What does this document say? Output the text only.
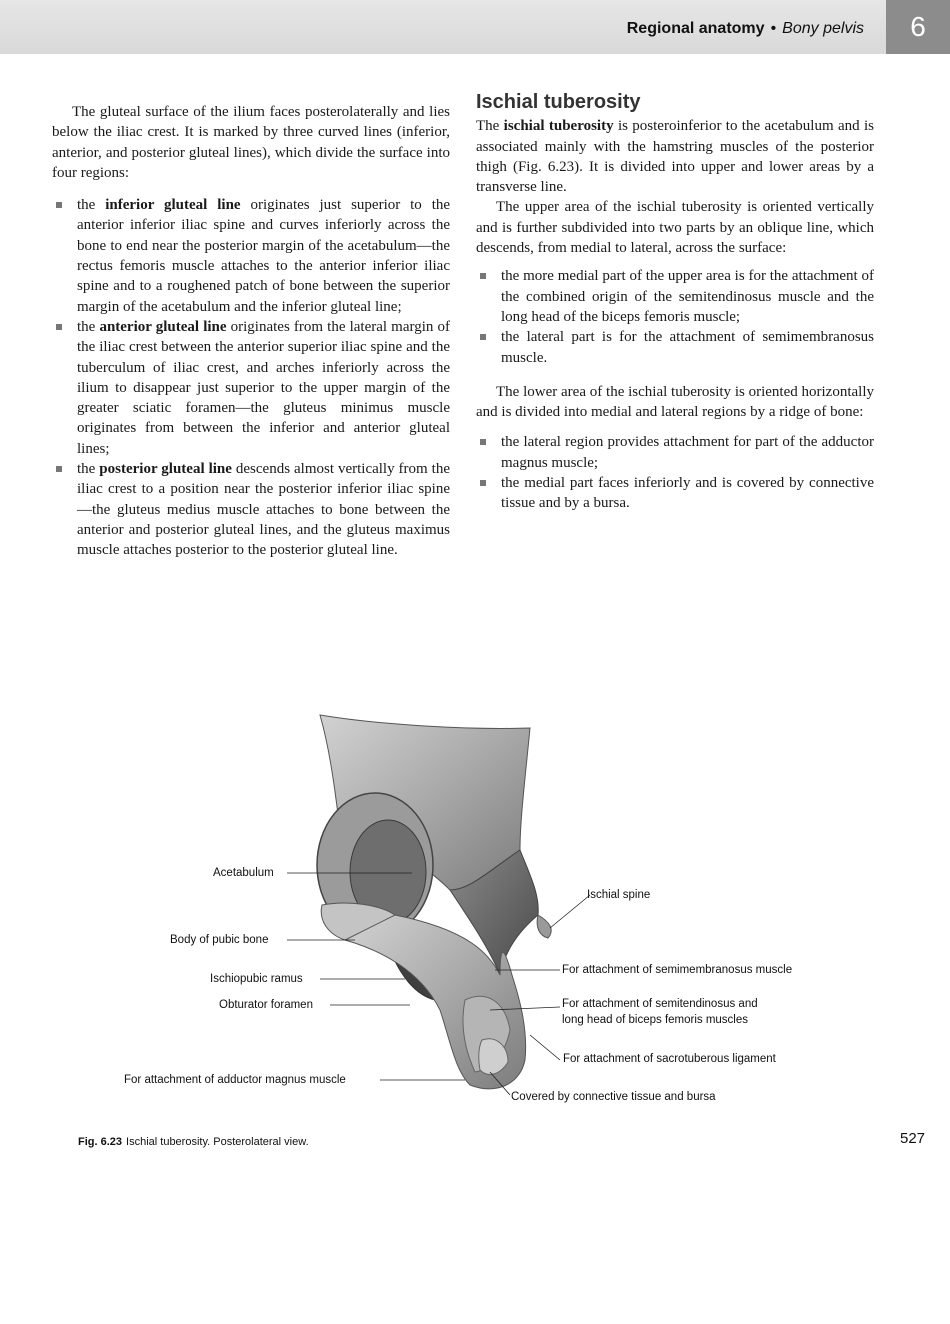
Regional anatomy • Bony pelvis	6

The gluteal surface of the ilium faces posterolaterally and lies below the iliac crest. It is marked by three curved lines (inferior, anterior, and posterior gluteal lines), which divide the surface into four regions:

the inferior gluteal line originates just superior to the anterior inferior iliac spine and curves inferiorly across the bone to end near the posterior margin of the acetabulum—the rectus femoris muscle attaches to the anterior inferior iliac spine and to a roughened patch of bone between the superior margin of the acetabulum and the inferior gluteal line;
the anterior gluteal line originates from the lateral margin of the iliac crest between the anterior superior iliac spine and the tuberculum of iliac crest, and arches inferiorly across the ilium to disappear just superior to the upper margin of the greater sciatic foramen—the gluteus minimus muscle originates from between the inferior and anterior gluteal lines;
the posterior gluteal line descends almost vertically from the iliac crest to a position near the posterior inferior iliac spine—the gluteus medius muscle attaches to bone between the anterior and posterior gluteal lines, and the gluteus maximus muscle attaches posterior to the posterior gluteal line.
Ischial tuberosity

The ischial tuberosity is posteroinferior to the acetabulum and is associated mainly with the hamstring muscles of the posterior thigh (Fig. 6.23). It is divided into upper and lower areas by a transverse line.

The upper area of the ischial tuberosity is oriented vertically and is further subdivided into two parts by an oblique line, which descends, from medial to lateral, across the surface:

the more medial part of the upper area is for the attachment of the combined origin of the semitendinosus muscle and the long head of the biceps femoris muscle;
the lateral part is for the attachment of semimembranosus muscle.

The lower area of the ischial tuberosity is oriented horizontally and is divided into medial and lateral regions by a ridge of bone:

the lateral region provides attachment for part of the adductor magnus muscle;
the medial part faces inferiorly and is covered by connective tissue and by a bursa.
Acetabulum
Body of pubic bone
Ischiopubic ramus
Obturator foramen
For attachment of adductor magnus muscle
Ischial spine
For attachment of semimembranosus muscle
For attachment of semitendinosus and
long head of biceps femoris muscles
For attachment of sacrotuberous ligament
Covered by connective tissue and bursa
Fig. 6.23 Ischial tuberosity. Posterolateral view.	527
